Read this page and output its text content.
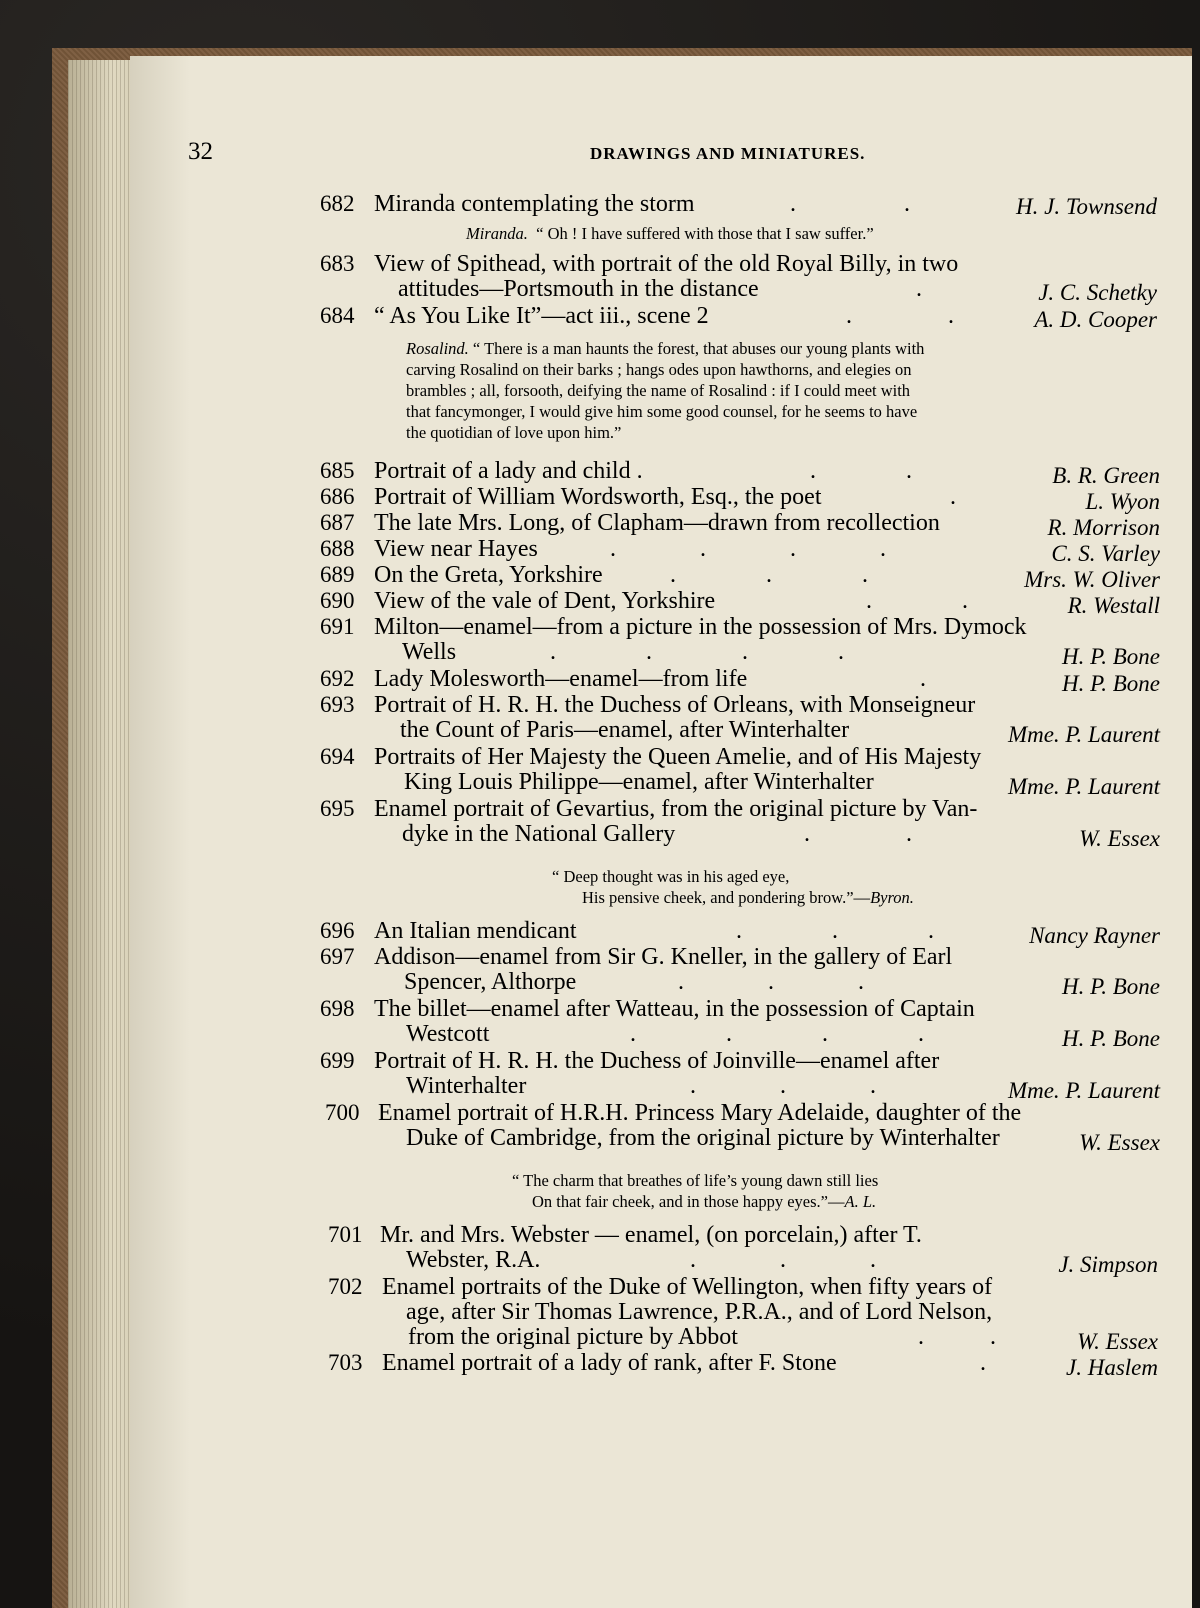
32	DRAWINGS AND MINIATURES.
682 Miranda contemplating the storm	.                  .	H. J. Townsend
Miranda. “ Oh ! I have suffered with those that I saw suffer.”
683 View of Spithead, with portrait of the old Royal Billy, in two
attitudes—Portsmouth in the distance	.	J. C. Schetky
684 “ As You Like It”—act iii., scene 2	.                .	A. D. Cooper
Rosalind. “ There is a man haunts the forest, that abuses our young plants with
carving Rosalind on their barks ; hangs odes upon hawthorns, and elegies on
brambles ; all, forsooth, deifying the name of Rosalind : if I could meet with
that fancymonger, I would give him some good counsel, for he seems to have
the quotidian of love upon him.”
685 Portrait of a lady and child .	.               .	B. R. Green
686 Portrait of William Wordsworth, Esq., the poet	.	L. Wyon
687 The late Mrs. Long, of Clapham—drawn from recollection	R. Morrison
688 View near Hayes	.              .              .              .	C. S. Varley
689 On the Greta, Yorkshire	.               .               .	Mrs. W. Oliver
690 View of the vale of Dent, Yorkshire	.               .	R. Westall
691 Milton—enamel—from a picture in the possession of Mrs. Dymock
Wells	.               .               .               .	H. P. Bone
692 Lady Molesworth—enamel—from life	.	H. P. Bone
693 Portrait of H. R. H. the Duchess of Orleans, with Monseigneur
the Count of Paris—enamel, after Winterhalter	Mme. P. Laurent
694 Portraits of Her Majesty the Queen Amelie, and of His Majesty
King Louis Philippe—enamel, after Winterhalter	Mme. P. Laurent
695 Enamel portrait of Gevartius, from the original picture by Van-
dyke in the National Gallery	.                .	W. Essex
“ Deep thought was in his aged eye,
His pensive cheek, and pondering brow.”—Byron.
696 An Italian mendicant	.               .               .	Nancy Rayner
697 Addison—enamel from Sir G. Kneller, in the gallery of Earl
Spencer, Althorpe	.              .              .	H. P. Bone
698 The billet—enamel after Watteau, in the possession of Captain
Westcott	.               .               .               .	H. P. Bone
699 Portrait of H. R. H. the Duchess of Joinville—enamel after
Winterhalter	.              .              .	Mme. P. Laurent
700 Enamel portrait of H.R.H. Princess Mary Adelaide, daughter of the
Duke of Cambridge, from the original picture by Winterhalter	W. Essex
“ The charm that breathes of life’s young dawn still lies
On that fair cheek, and in those happy eyes.”—A. L.
701 Mr. and Mrs. Webster — enamel, (on porcelain,) after T.
Webster, R.A.	.              .              .	J. Simpson
702 Enamel portraits of the Duke of Wellington, when fifty years of
age, after Sir Thomas Lawrence, P.R.A., and of Lord Nelson,
from the original picture by Abbot	.           .	W. Essex
703 Enamel portrait of a lady of rank, after F. Stone	.	J. Haslem
